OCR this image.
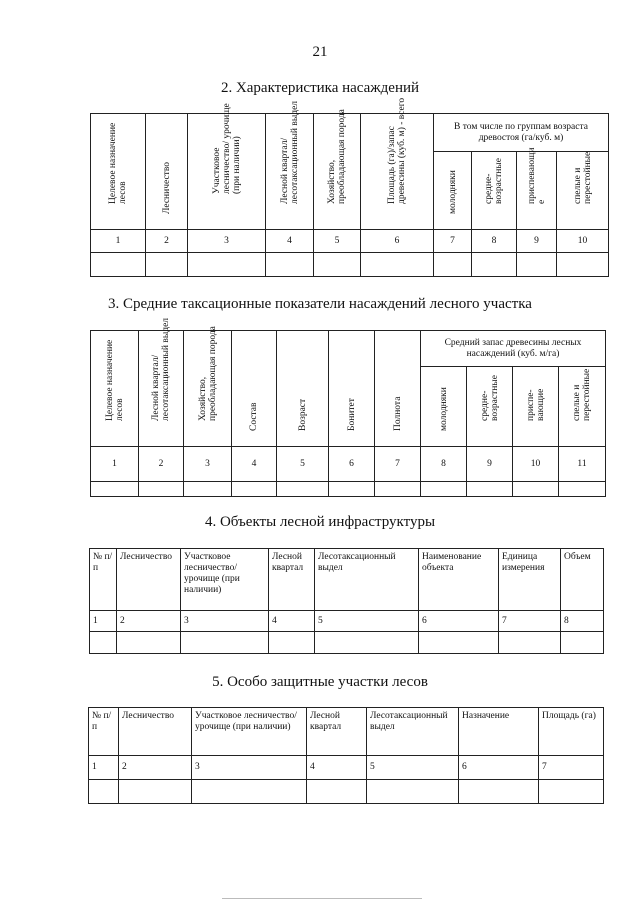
21
2. Характеристика насаждений
Целевое назначение лесов	Лесничество	Участковое лесничество/ урочище (при наличии)	Лесной квартал/ лесотаксационный выдел	Хозяйство, преобладающая порода	Площадь (га)/запас древесины (куб. м) - всего	В том числе по группам возраста древостоя (га/куб. м)			

						молодняки	средне- возрастные	приспевающие	спелые и перестойные

1	2	3	4	5	6	7	8	9	10

3. Средние таксационные показатели насаждений лесного участка
Целевое назначение лесов	Лесной квартал/ лесотаксационный выдел	Хозяйство, преобладающая порода	Состав	Возраст	Бонитет	Полнота	Средний запас древесины лесных насаждений (куб. м/га)			

							молодняки	средне- возрастные	приспе- вающие	спелые и перестойные

1	2	3	4	5	6	7	8	9	10	11

4. Объекты лесной инфраструктуры
№ п/п	Лесничество	Участковое лесничество/ урочище (при наличии)	Лесной квартал	Лесотаксационный выдел	Наименование объекта	Единица измерения	Объем
1	2	3	4	5	6	7	8

5. Особо защитные участки лесов
№ п/п	Лесничество	Участковое лесничество/урочище (при наличии)	Лесной квартал	Лесотаксационный выдел	Назначение	Площадь (га)
1	2	3	4	5	6	7
